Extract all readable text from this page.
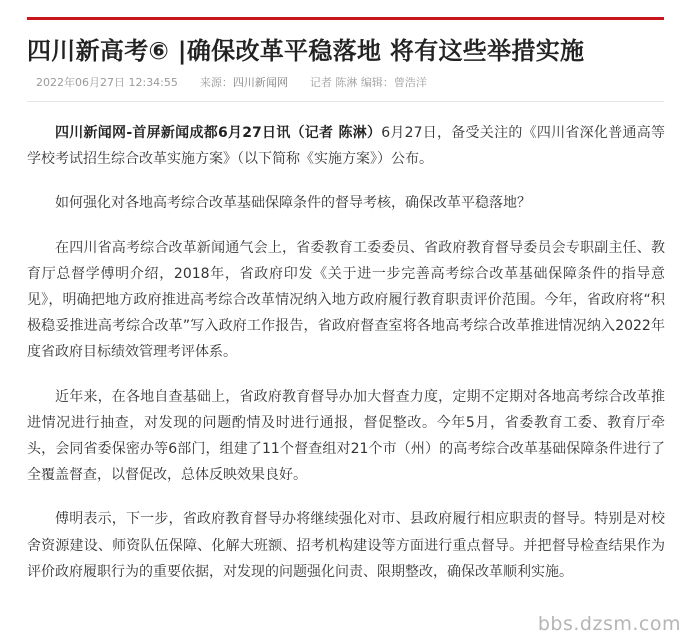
四川新高考⑥ |确保改革平稳落地 将有这些举措实施
2022年06月27日 12:34:55 来源：四川新闻网 记者 陈淋 编辑：曾浩洋

四川新闻网-首屏新闻成都6月27日讯（记者 陈淋）6月27日，备受关注的《四川省深化普通高等学校考试招生综合改革实施方案》（以下简称《实施方案》）公布。

如何强化对各地高考综合改革基础保障条件的督导考核，确保改革平稳落地？

在四川省高考综合改革新闻通气会上，省委教育工委委员、省政府教育督导委员会专职副主任、教育厅总督学傅明介绍，2018年，省政府印发《关于进一步完善高考综合改革基础保障条件的指导意见》，明确把地方政府推进高考综合改革情况纳入地方政府履行教育职责评价范围。今年，省政府将“积极稳妥推进高考综合改革”写入政府工作报告，省政府督查室将各地高考综合改革推进情况纳入2022年度省政府目标绩效管理考评体系。

近年来，在各地自查基础上，省政府教育督导办加大督查力度，定期不定期对各地高考综合改革推进情况进行抽查，对发现的问题酌情及时进行通报，督促整改。今年5月，省委教育工委、教育厅牵头，会同省委保密办等6部门，组建了11个督查组对21个市（州）的高考综合改革基础保障条件进行了全覆盖督查，以督促改，总体反映效果良好。

傅明表示，下一步，省政府教育督导办将继续强化对市、县政府履行相应职责的督导。特别是对校舍资源建设、师资队伍保障、化解大班额、招考机构建设等方面进行重点督导。并把督导检查结果作为评价政府履职行为的重要依据，对发现的问题强化问责、限期整改，确保改革顺利实施。

bbs.dzsm.com
